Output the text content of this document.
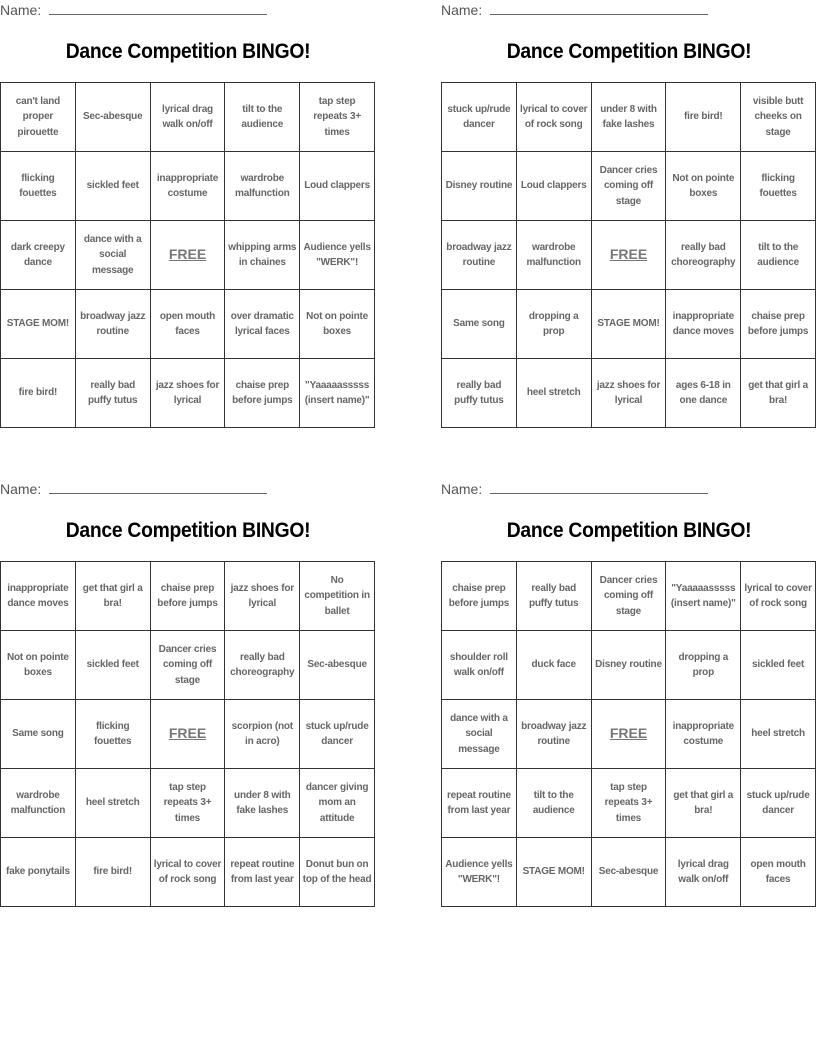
Name:
Dance Competition BINGO!
can't land proper pirouette	Sec-abesque	lyrical drag walk on/off	tilt to the audience	tap step repeats 3+ times
flicking fouettes	sickled feet	inappropriate costume	wardrobe malfunction	Loud clappers
dark creepy dance	dance with a social message	FREE	whipping arms in chaines	Audience yells "WERK"!
STAGE MOM!	broadway jazz routine	open mouth faces	over dramatic lyrical faces	Not on pointe boxes
fire bird!	really bad puffy tutus	jazz shoes for lyrical	chaise prep before jumps	"Yaaaaasssss (insert name)"
Name:
Dance Competition BINGO!
stuck up/rude dancer	lyrical to cover of rock song	under 8 with fake lashes	fire bird!	visible butt cheeks on stage
Disney routine	Loud clappers	Dancer cries coming off stage	Not on pointe boxes	flicking fouettes
broadway jazz routine	wardrobe malfunction	FREE	really bad choreography	tilt to the audience
Same song	dropping a prop	STAGE MOM!	inappropriate dance moves	chaise prep before jumps
really bad puffy tutus	heel stretch	jazz shoes for lyrical	ages 6-18 in one dance	get that girl a bra!
Name:
Dance Competition BINGO!
inappropriate dance moves	get that girl a bra!	chaise prep before jumps	jazz shoes for lyrical	No competition in ballet
Not on pointe boxes	sickled feet	Dancer cries coming off stage	really bad choreography	Sec-abesque
Same song	flicking fouettes	FREE	scorpion (not in acro)	stuck up/rude dancer
wardrobe malfunction	heel stretch	tap step repeats 3+ times	under 8 with fake lashes	dancer giving mom an attitude
fake ponytails	fire bird!	lyrical to cover of rock song	repeat routine from last year	Donut bun on top of the head
Name:
Dance Competition BINGO!
chaise prep before jumps	really bad puffy tutus	Dancer cries coming off stage	"Yaaaaasssss (insert name)"	lyrical to cover of rock song
shoulder roll walk on/off	duck face	Disney routine	dropping a prop	sickled feet
dance with a social message	broadway jazz routine	FREE	inappropriate costume	heel stretch
repeat routine from last year	tilt to the audience	tap step repeats 3+ times	get that girl a bra!	stuck up/rude dancer
Audience yells "WERK"!	STAGE MOM!	Sec-abesque	lyrical drag walk on/off	open mouth faces
